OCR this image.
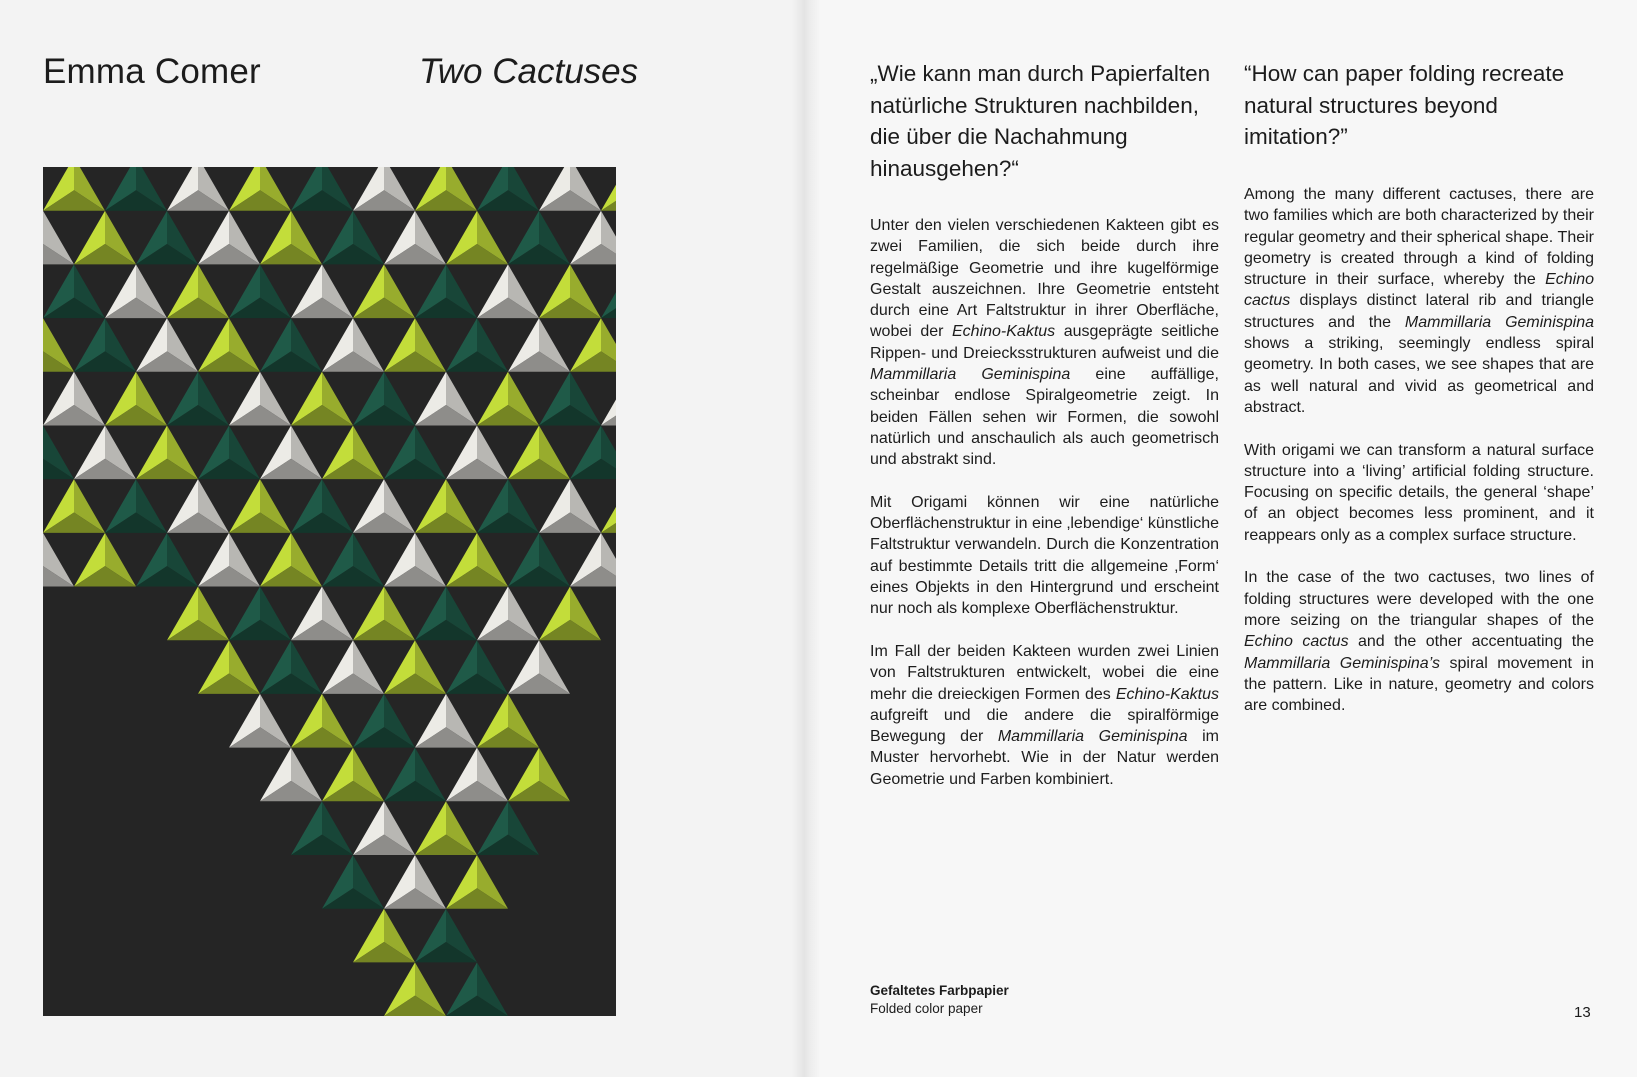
Emma Comer	Two Cactuses	„Wie kann man durch Papierfalten natürliche Strukturen nachbilden, die über die Nachahmung hinausgehen?“

“How can paper folding recreate natural structures beyond imitation?”

Unter den vielen verschiedenen Kakteen gibt es zwei Familien, die sich beide durch ihre regelmäßige Geometrie und ihre kugelförmige Gestalt auszeichnen. Ihre Geometrie entsteht durch eine Art Faltstruktur in ihrer Oberfläche, wobei der Echino-Kaktus ausgeprägte seitliche Rippen- und Dreiecksstrukturen aufweist und die Mammillaria Geminispina eine auffällige, scheinbar endlose Spiralgeometrie zeigt. In beiden Fällen sehen wir Formen, die sowohl natürlich und anschaulich als auch geometrisch und abstrakt sind.

Mit Origami können wir eine natürliche Oberflächenstruktur in eine ‚lebendige‘ künstliche Faltstruktur verwandeln. Durch die Konzentration auf bestimmte Details tritt die allgemeine ‚Form‘ eines Objekts in den Hintergrund und erscheint nur noch als komplexe Oberflächenstruktur.

Im Fall der beiden Kakteen wurden zwei Linien von Faltstrukturen entwickelt, wobei die eine mehr die dreieckigen Formen des Echino-Kaktus aufgreift und die andere die spiralförmige Bewegung der Mammillaria Geminispina im Muster hervorhebt. Wie in der Natur werden Geometrie und Farben kombiniert.

Among the many different cactuses, there are two families which are both characterized by their regular geometry and their spherical shape. Their geometry is created through a kind of folding structure in their surface, whereby the Echino cactus displays distinct lateral rib and triangle structures and the Mammillaria Geminispina shows a striking, seemingly endless spiral geometry. In both cases, we see shapes that are as well natural and vivid as geometrical and abstract.

With origami we can transform a natural surface structure into a ‘living’ artificial folding structure. Focusing on specific details, the general ‘shape’ of an object becomes less prominent, and it reappears only as a complex surface structure.

In the case of the two cactuses, two lines of folding structures were developed with the one more seizing on the triangular shapes of the Echino cactus and the other accentuating the Mammillaria Geminispina’s spiral movement in the pattern. Like in nature, geometry and colors are combined.

Gefaltetes Farbpapier
Folded color paper	13
